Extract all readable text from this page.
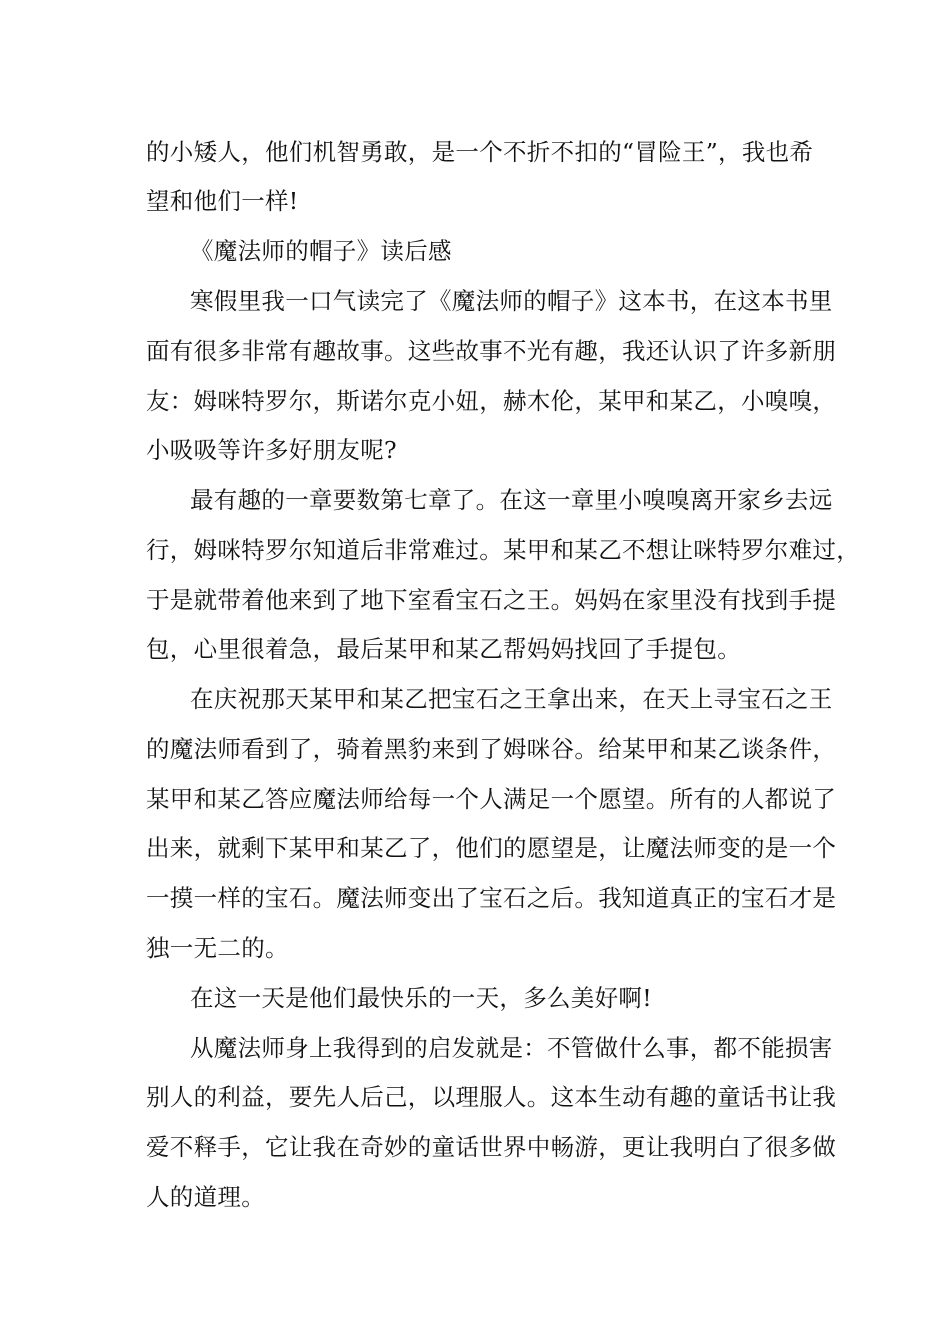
的小矮人，他们机智勇敢，是一个不折不扣的“冒险王”，我也希
望和他们一样!
《魔法师的帽子》读后感
寒假里我一口气读完了《魔法师的帽子》这本书，在这本书里
面有很多非常有趣故事。这些故事不光有趣，我还认识了许多新朋
友：姆咪特罗尔，斯诺尔克小妞，赫木伦，某甲和某乙，小嗅嗅，
小吸吸等许多好朋友呢?
最有趣的一章要数第七章了。在这一章里小嗅嗅离开家乡去远
行，姆咪特罗尔知道后非常难过。某甲和某乙不想让咪特罗尔难过，
于是就带着他来到了地下室看宝石之王。妈妈在家里没有找到手提
包，心里很着急，最后某甲和某乙帮妈妈找回了手提包。
在庆祝那天某甲和某乙把宝石之王拿出来，在天上寻宝石之王
的魔法师看到了，骑着黑豹来到了姆咪谷。给某甲和某乙谈条件，
某甲和某乙答应魔法师给每一个人满足一个愿望。所有的人都说了
出来，就剩下某甲和某乙了，他们的愿望是，让魔法师变的是一个
一摸一样的宝石。魔法师变出了宝石之后。我知道真正的宝石才是
独一无二的。
在这一天是他们最快乐的一天，多么美好啊!
从魔法师身上我得到的启发就是：不管做什么事，都不能损害
别人的利益，要先人后己，以理服人。这本生动有趣的童话书让我
爱不释手，它让我在奇妙的童话世界中畅游，更让我明白了很多做
人的道理。
